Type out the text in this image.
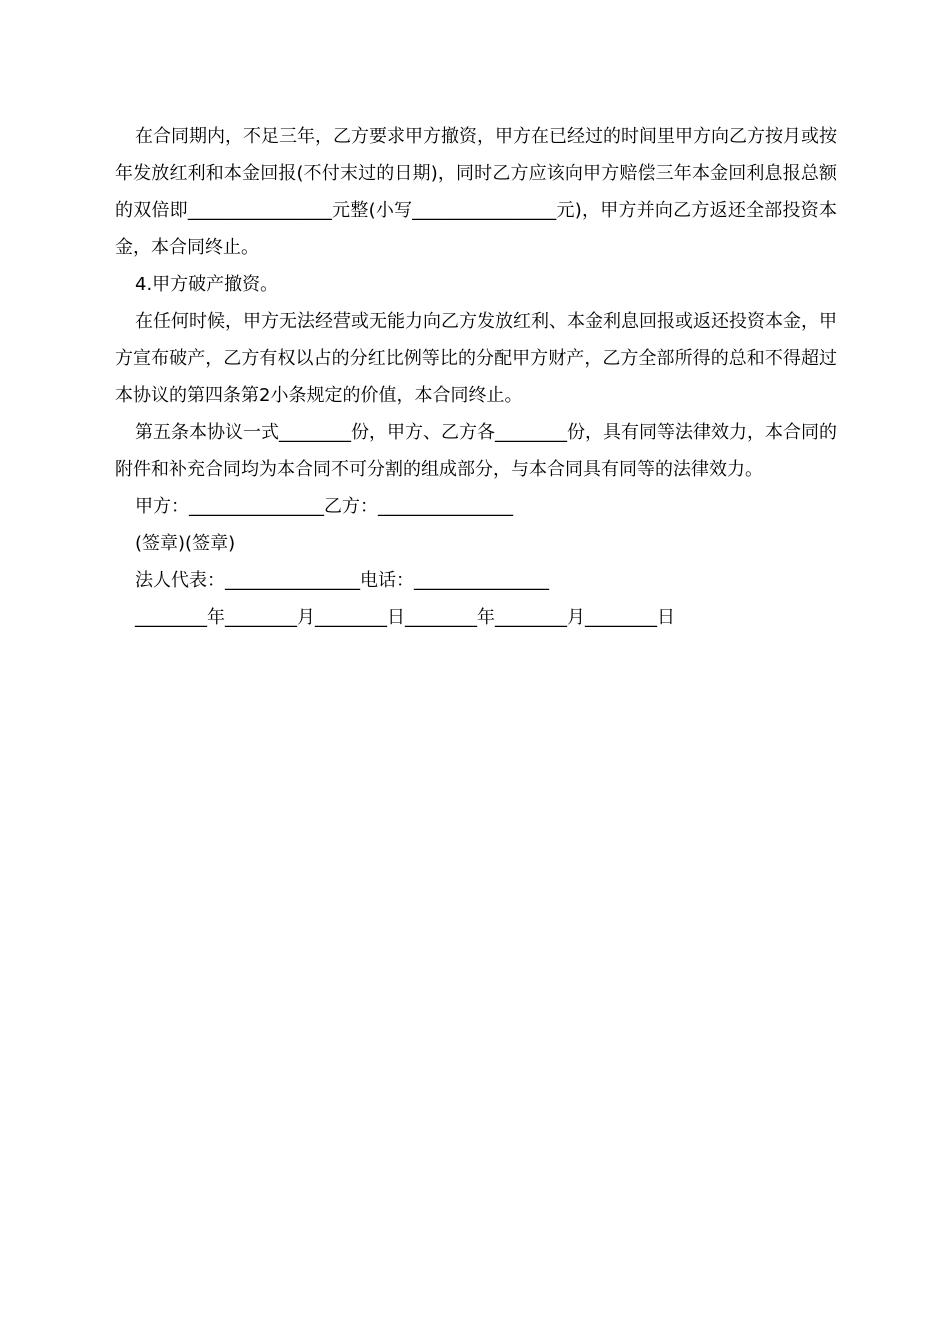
在合同期内，不足三年，乙方要求甲方撤资，甲方在已经过的时间里甲方向乙方按月或按年发放红利和本金回报(不付末过的日期)，同时乙方应该向甲方赔偿三年本金回利息报总额的双倍即________________元整(小写________________元)，甲方并向乙方返还全部投资本金，本合同终止。

4.甲方破产撤资。

在任何时候，甲方无法经营或无能力向乙方发放红利、本金利息回报或返还投资本金，甲方宣布破产，乙方有权以占的分红比例等比的分配甲方财产，乙方全部所得的总和不得超过本协议的第四条第2小条规定的价值，本合同终止。

第五条本协议一式________份，甲方、乙方各________份，具有同等法律效力，本合同的附件和补充合同均为本合同不可分割的组成部分，与本合同具有同等的法律效力。

甲方：_______________乙方：_______________

(签章)(签章)

法人代表：_______________电话：_______________

________年________月________日________年________月________日
